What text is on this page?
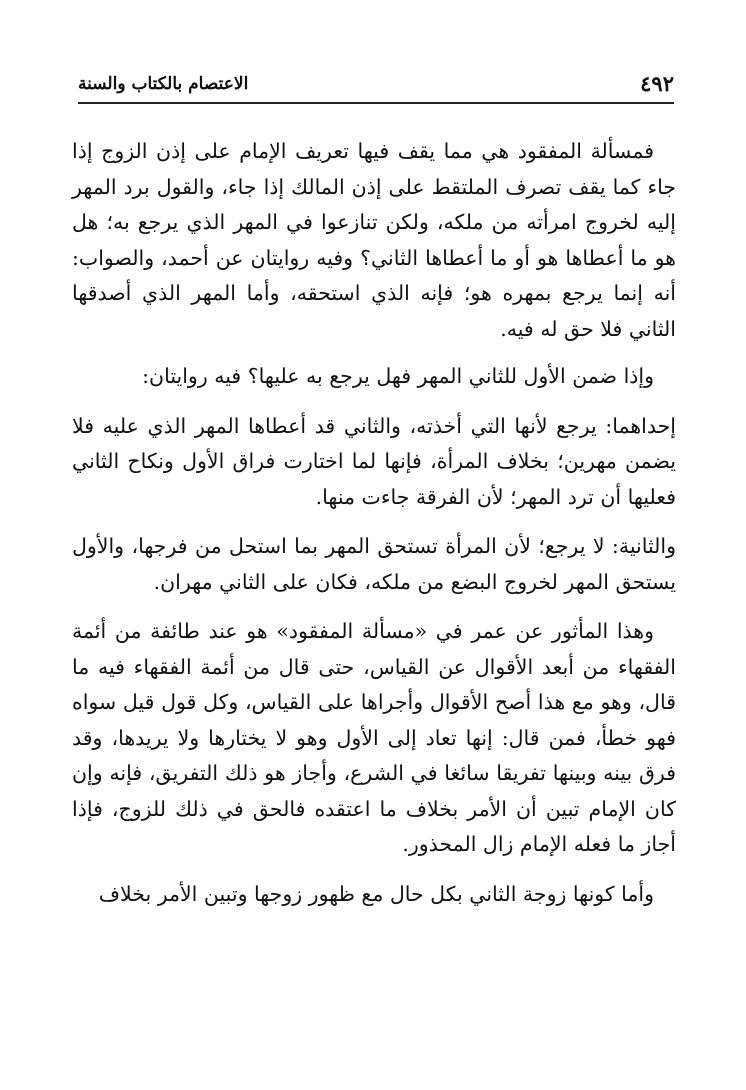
٤٩٢
الاعتصام بالكتاب والسنة

فمسألة المفقود هي مما يقف فيها تعريف الإمام على إذن الزوج إذا جاء كما يقف تصرف الملتقط على إذن المالك إذا جاء، والقول برد المهر إليه لخروج امرأته من ملكه، ولكن تنازعوا في المهر الذي يرجع به؛ هل هو ما أعطاها هو أو ما أعطاها الثاني؟ وفيه روايتان عن أحمد، والصواب: أنه إنما يرجع بمهره هو؛ فإنه الذي استحقه، وأما المهر الذي أصدقها الثاني فلا حق له فيه.

وإذا ضمن الأول للثاني المهر فهل يرجع به عليها؟ فيه روايتان:

إحداهما: يرجع لأنها التي أخذته، والثاني قد أعطاها المهر الذي عليه فلا يضمن مهرين؛ بخلاف المرأة، فإنها لما اختارت فراق الأول ونكاح الثاني فعليها أن ترد المهر؛ لأن الفرقة جاءت منها.

والثانية: لا يرجع؛ لأن المرأة تستحق المهر بما استحل من فرجها، والأول يستحق المهر لخروج البضع من ملكه، فكان على الثاني مهران.

وهذا المأثور عن عمر في «مسألة المفقود» هو عند طائفة من أئمة الفقهاء من أبعد الأقوال عن القياس، حتى قال من أئمة الفقهاء فيه ما قال، وهو مع هذا أصح الأقوال وأجراها على القياس، وكل قول قيل سواه فهو خطأ، فمن قال: إنها تعاد إلى الأول وهو لا يختارها ولا يريدها، وقد فرق بينه وبينها تفريقا سائغا في الشرع، وأجاز هو ذلك التفريق، فإنه وإن كان الإمام تبين أن الأمر بخلاف ما اعتقده فالحق في ذلك للزوج، فإذا أجاز ما فعله الإمام زال المحذور.

وأما كونها زوجة الثاني بكل حال مع ظهور زوجها وتبين الأمر بخلاف
